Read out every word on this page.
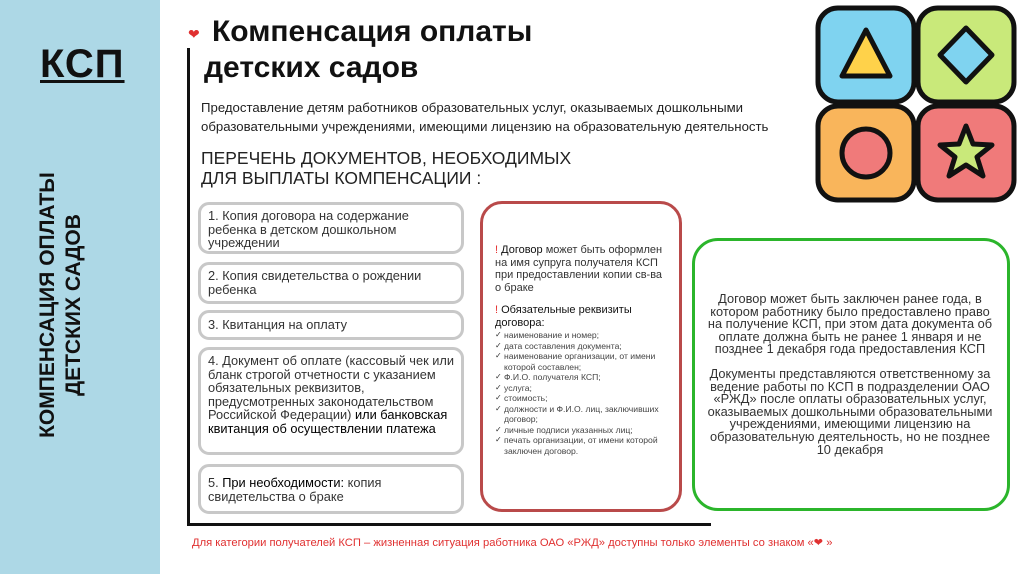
КСП
КОМПЕНСАЦИЯ ОПЛАТЫ ДЕТСКИХ САДОВ
❤ Компенсация оплаты
детских садов
Предоставление детям работников образовательных услуг, оказываемых дошкольными образовательными учреждениями, имеющими лицензию на образовательную деятельность
ПЕРЕЧЕНЬ ДОКУМЕНТОВ, НЕОБХОДИМЫХ
ДЛЯ ВЫПЛАТЫ КОМПЕНСАЦИИ :
1. Копия договора на содержание ребенка в детском дошкольном учреждении
2. Копия свидетельства о рождении ребенка
3. Квитанция на оплату
4. Документ об оплате (кассовый чек или бланк строгой отчетности с указанием обязательных реквизитов, предусмотренных законодательством Российской Федерации) или банковская квитанция об осуществлении платежа
5. При необходимости: копия свидетельства о браке
! Договор может быть оформлен на имя супруга получателя КСП при предоставлении копии св-ва о браке
! Обязательные реквизиты договора:
✓ наименование и номер;
✓ дата составления документа;
✓ наименование организации, от имени которой составлен;
✓ Ф.И.О. получателя КСП;
✓ услуга;
✓ стоимость;
✓ должности и Ф.И.О. лиц, заключивших договор;
✓ личные подписи указанных лиц;
✓ печать организации, от имени которой заключен договор.

Договор может быть заключен ранее года, в котором работнику было предоставлено право на получение КСП, при этом дата документа об оплате должна быть не ранее 1 января и не позднее 1 декабря года предоставления КСП

Документы представляются ответственному за ведение работы по КСП в подразделении ОАО «РЖД» после оплаты образовательных услуг, оказываемых дошкольными образовательными учреждениями, имеющими лицензию на образовательную деятельность, но не позднее 10 декабря

Для категории получателей КСП – жизненная ситуация работника ОАО «РЖД» доступны только элементы со знаком «❤ »
